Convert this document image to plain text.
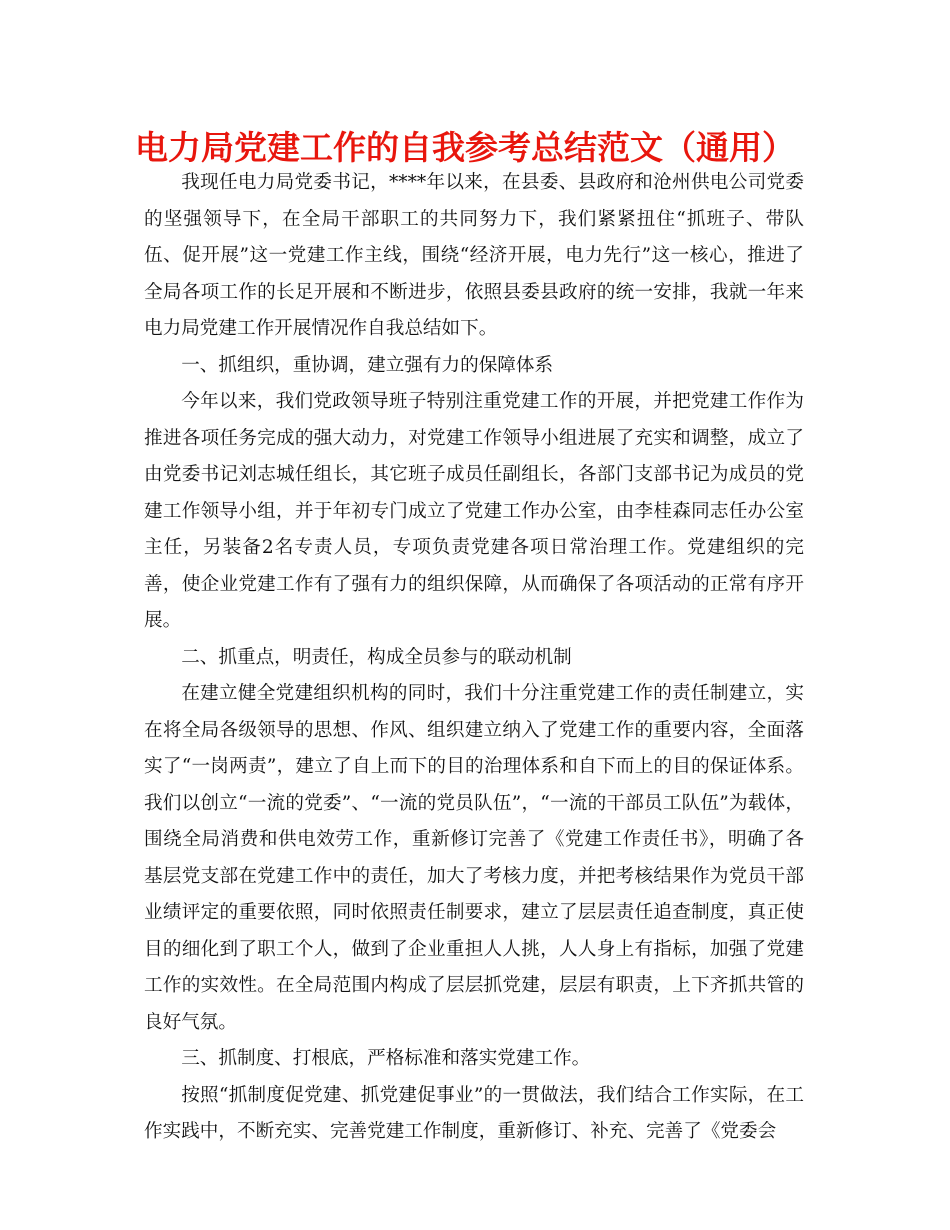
电力局党建工作的自我参考总结范文（通用）

我现任电力局党委书记，****年以来，在县委、县政府和沧州供电公司党委的坚强领导下，在全局干部职工的共同努力下，我们紧紧扭住“抓班子、带队伍、促开展”这一党建工作主线，围绕“经济开展，电力先行”这一核心，推进了全局各项工作的长足开展和不断进步，依照县委县政府的统一安排，我就一年来电力局党建工作开展情况作自我总结如下。

一、抓组织，重协调，建立强有力的保障体系

今年以来，我们党政领导班子特别注重党建工作的开展，并把党建工作作为推进各项任务完成的强大动力，对党建工作领导小组进展了充实和调整，成立了由党委书记刘志城任组长，其它班子成员任副组长，各部门支部书记为成员的党建工作领导小组，并于年初专门成立了党建工作办公室，由李桂森同志任办公室主任，另装备2名专责人员，专项负责党建各项日常治理工作。党建组织的完善，使企业党建工作有了强有力的组织保障，从而确保了各项活动的正常有序开展。

二、抓重点，明责任，构成全员参与的联动机制

在建立健全党建组织机构的同时，我们十分注重党建工作的责任制建立，实在将全局各级领导的思想、作风、组织建立纳入了党建工作的重要内容，全面落实了“一岗两责”，建立了自上而下的目的治理体系和自下而上的目的保证体系。我们以创立“一流的党委”、“一流的党员队伍”，“一流的干部员工队伍”为载体，围绕全局消费和供电效劳工作，重新修订完善了《党建工作责任书》，明确了各基层党支部在党建工作中的责任，加大了考核力度，并把考核结果作为党员干部业绩评定的重要依照，同时依照责任制要求，建立了层层责任追查制度，真正使目的细化到了职工个人，做到了企业重担人人挑，人人身上有指标，加强了党建工作的实效性。在全局范围内构成了层层抓党建，层层有职责，上下齐抓共管的良好气氛。

三、抓制度、打根底，严格标准和落实党建工作。

按照“抓制度促党建、抓党建促事业”的一贯做法，我们结合工作实际，在工作实践中，不断充实、完善党建工作制度，重新修订、补充、完善了《党委会
